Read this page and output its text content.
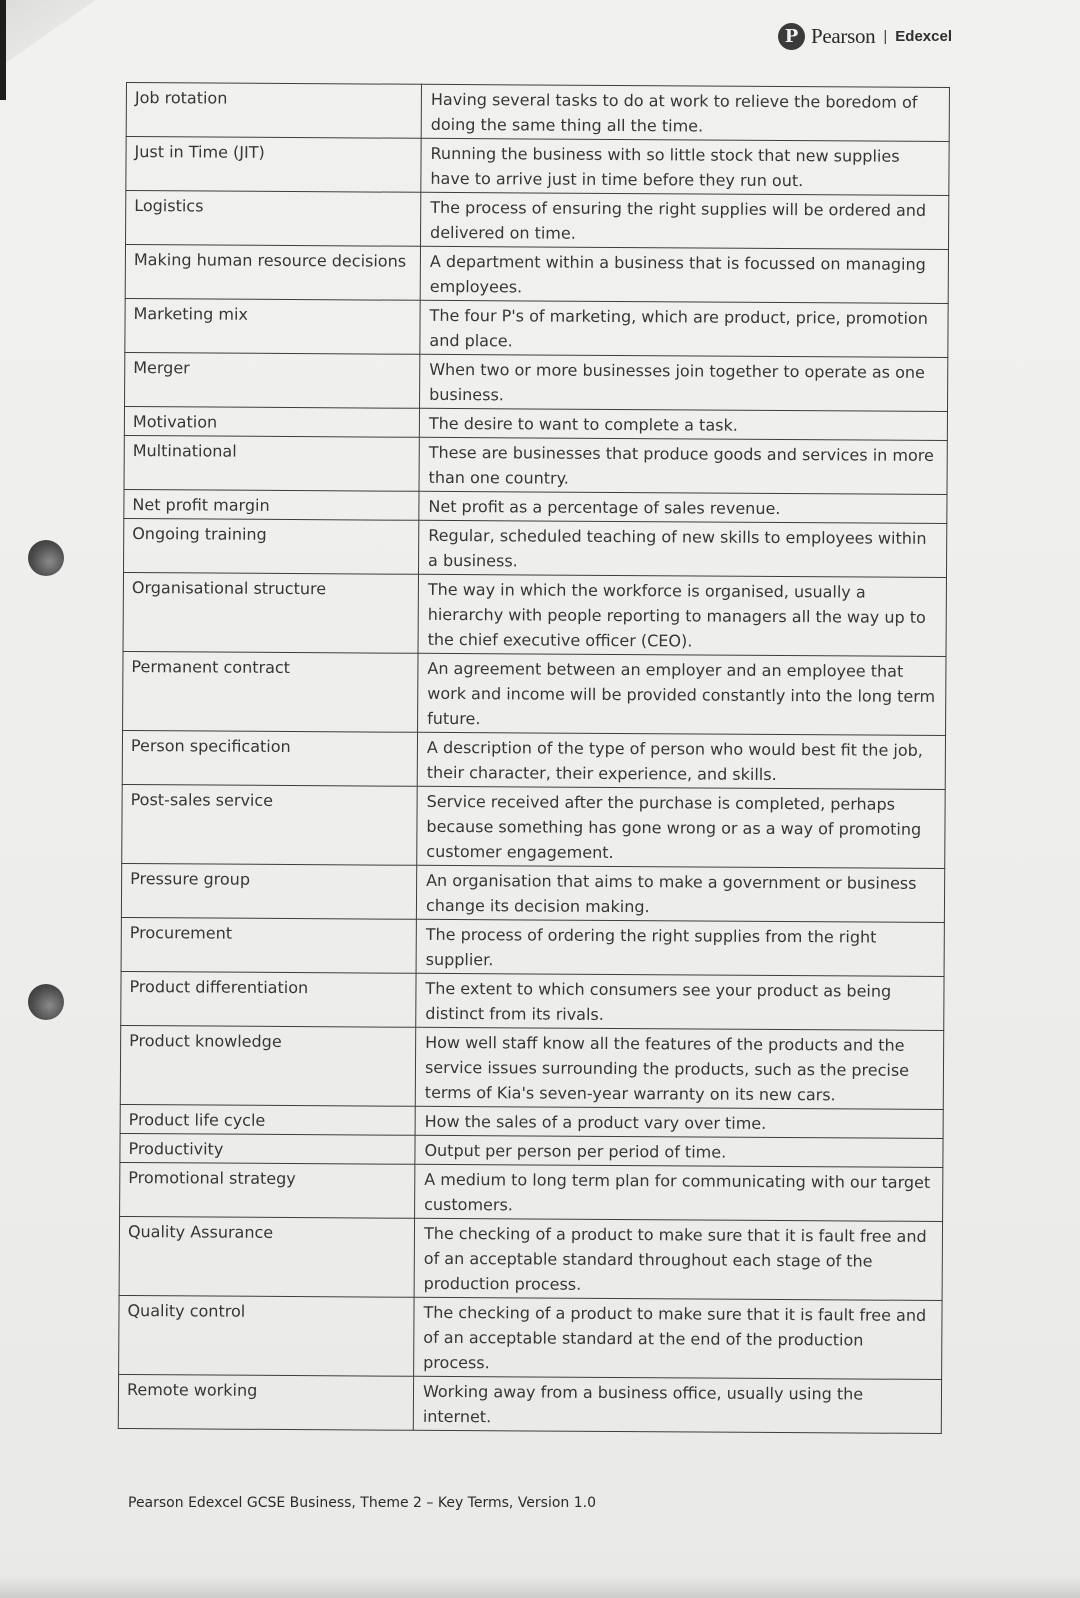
P Pearson | Edexcel
Job rotation	Having several tasks to do at work to relieve the boredom of doing the same thing all the time.
Just in Time (JIT)	Running the business with so little stock that new supplies have to arrive just in time before they run out.
Logistics	The process of ensuring the right supplies will be ordered and delivered on time.
Making human resource decisions	A department within a business that is focussed on managing employees.
Marketing mix	The four P's of marketing, which are product, price, promotion and place.
Merger	When two or more businesses join together to operate as one business.
Motivation	The desire to want to complete a task.
Multinational	These are businesses that produce goods and services in more than one country.
Net profit margin	Net profit as a percentage of sales revenue.
Ongoing training	Regular, scheduled teaching of new skills to employees within a business.
Organisational structure	The way in which the workforce is organised, usually a hierarchy with people reporting to managers all the way up to the chief executive officer (CEO).
Permanent contract	An agreement between an employer and an employee that work and income will be provided constantly into the long term future.
Person specification	A description of the type of person who would best fit the job, their character, their experience, and skills.
Post-sales service	Service received after the purchase is completed, perhaps because something has gone wrong or as a way of promoting customer engagement.
Pressure group	An organisation that aims to make a government or business change its decision making.
Procurement	The process of ordering the right supplies from the right supplier.
Product differentiation	The extent to which consumers see your product as being distinct from its rivals.
Product knowledge	How well staff know all the features of the products and the service issues surrounding the products, such as the precise terms of Kia's seven-year warranty on its new cars.
Product life cycle	How the sales of a product vary over time.
Productivity	Output per person per period of time.
Promotional strategy	A medium to long term plan for communicating with our target customers.
Quality Assurance	The checking of a product to make sure that it is fault free and of an acceptable standard throughout each stage of the production process.
Quality control	The checking of a product to make sure that it is fault free and of an acceptable standard at the end of the production process.
Remote working	Working away from a business office, usually using the internet.
Pearson Edexcel GCSE Business, Theme 2 – Key Terms, Version 1.0
